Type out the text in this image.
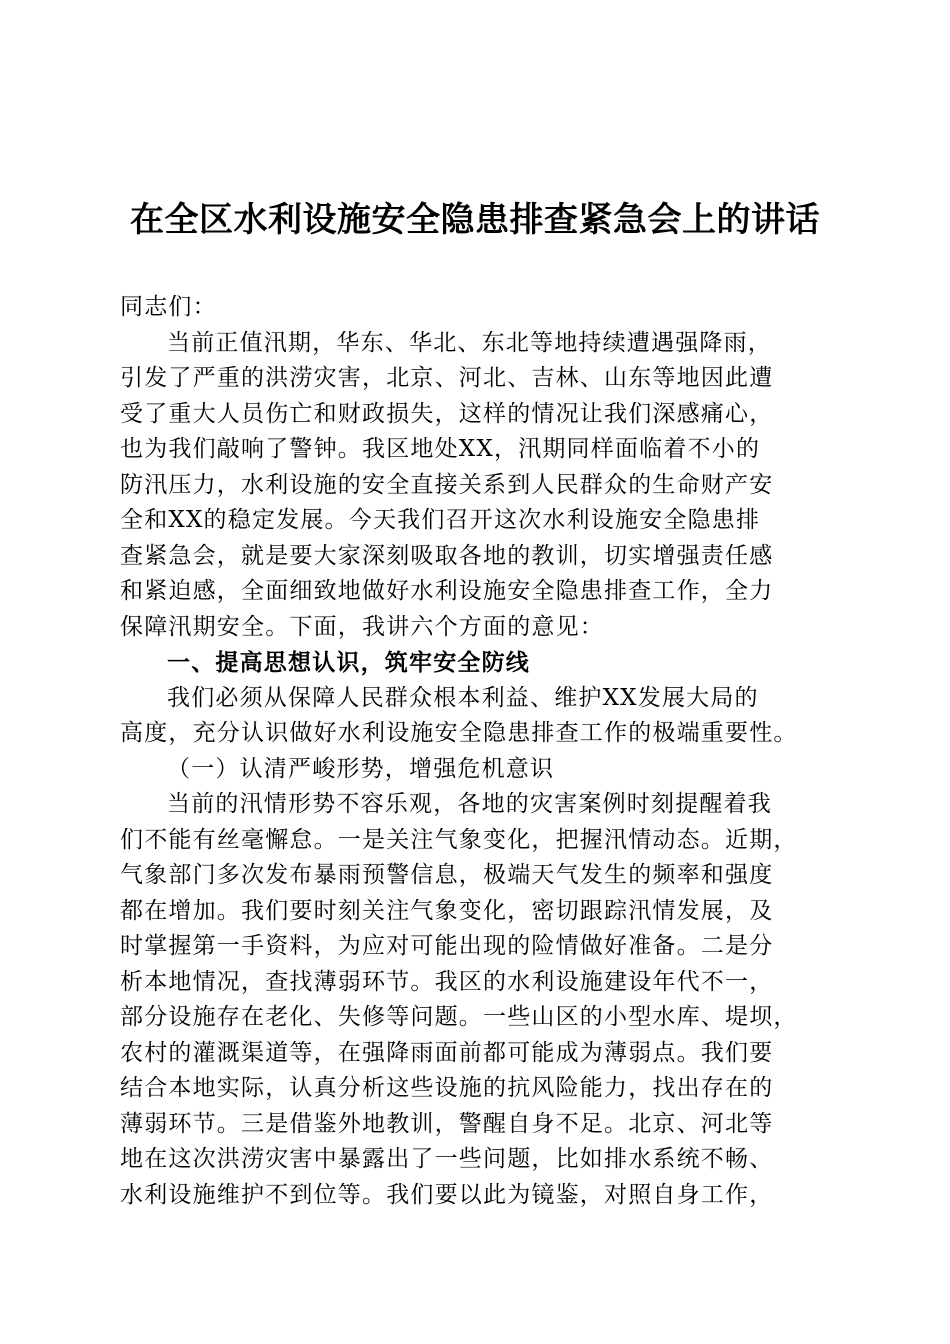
在全区水利设施安全隐患排查紧急会上的讲话
同志们：
当前正值汛期，华东、华北、东北等地持续遭遇强降雨，
引发了严重的洪涝灾害，北京、河北、吉林、山东等地因此遭
受了重大人员伤亡和财政损失，这样的情况让我们深感痛心，
也为我们敲响了警钟。我区地处XX，汛期同样面临着不小的
防汛压力，水利设施的安全直接关系到人民群众的生命财产安
全和XX的稳定发展。今天我们召开这次水利设施安全隐患排
查紧急会，就是要大家深刻吸取各地的教训，切实增强责任感
和紧迫感，全面细致地做好水利设施安全隐患排查工作，全力
保障汛期安全。下面，我讲六个方面的意见：
一、提高思想认识，筑牢安全防线
我们必须从保障人民群众根本利益、维护XX发展大局的
高度，充分认识做好水利设施安全隐患排查工作的极端重要性。
（一）认清严峻形势，增强危机意识
当前的汛情形势不容乐观，各地的灾害案例时刻提醒着我
们不能有丝毫懈怠。一是关注气象变化，把握汛情动态。近期，
气象部门多次发布暴雨预警信息，极端天气发生的频率和强度
都在增加。我们要时刻关注气象变化，密切跟踪汛情发展，及
时掌握第一手资料，为应对可能出现的险情做好准备。二是分
析本地情况，查找薄弱环节。我区的水利设施建设年代不一，
部分设施存在老化、失修等问题。一些山区的小型水库、堤坝，
农村的灌溉渠道等，在强降雨面前都可能成为薄弱点。我们要
结合本地实际，认真分析这些设施的抗风险能力，找出存在的
薄弱环节。三是借鉴外地教训，警醒自身不足。北京、河北等
地在这次洪涝灾害中暴露出了一些问题，比如排水系统不畅、
水利设施维护不到位等。我们要以此为镜鉴，对照自身工作，
